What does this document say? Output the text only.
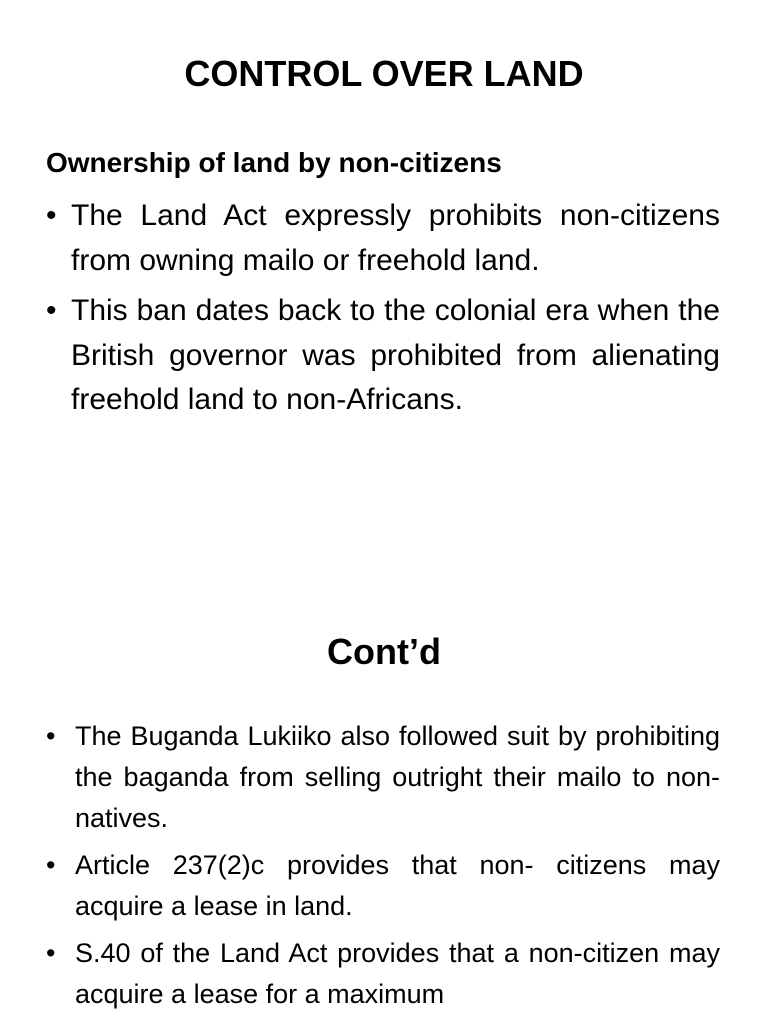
CONTROL OVER LAND
Ownership of land by non-citizens
• The Land Act expressly prohibits non-citizens from owning mailo or freehold land.
• This ban dates back to the colonial era when the British governor was prohibited from alienating freehold land to non-Africans.
Cont’d
• The Buganda Lukiiko also followed suit by prohibiting the baganda from selling outright their mailo to non-natives.
• Article 237(2)c provides that non- citizens may acquire a lease in land.
• S.40 of the Land Act provides that a non-citizen may acquire a lease for a maximum
